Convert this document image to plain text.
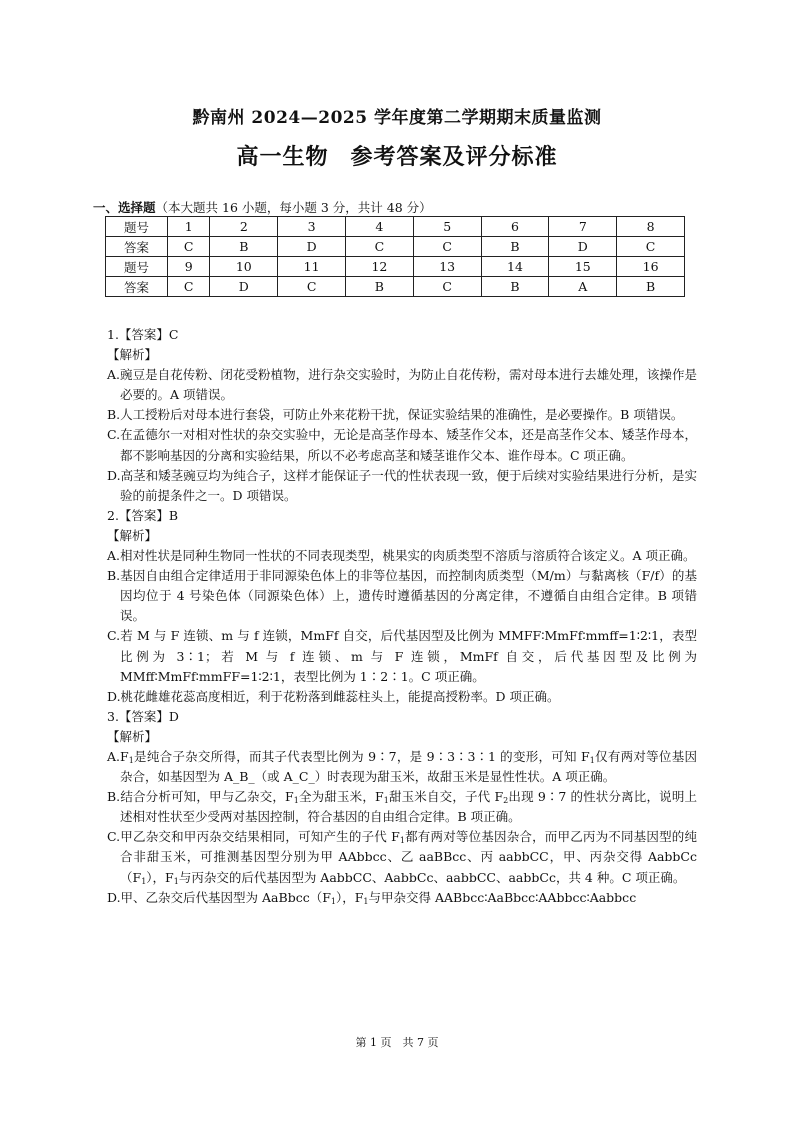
黔南州 2024—2025 学年度第二学期期末质量监测
高一生物 参考答案及评分标准
一、选择题（本大题共 16 小题，每小题 3 分，共计 48 分）
题号	1	2	3	4	5	6	7	8
答案	C	B	D	C	C	B	D	C
题号	9	10	11	12	13	14	15	16
答案	C	D	C	B	C	B	A	B

1.【答案】C

【解析】

A.豌豆是自花传粉、闭花受粉植物，进行杂交实验时，为防止自花传粉，需对母本进行去雄处理，该操作是必要的。A 项错误。

B.人工授粉后对母本进行套袋，可防止外来花粉干扰，保证实验结果的准确性，是必要操作。B 项错误。

C.在孟德尔一对相对性状的杂交实验中，无论是高茎作母本、矮茎作父本，还是高茎作父本、矮茎作母本，都不影响基因的分离和实验结果，所以不必考虑高茎和矮茎谁作父本、谁作母本。C 项正确。

D.高茎和矮茎豌豆均为纯合子，这样才能保证子一代的性状表现一致，便于后续对实验结果进行分析，是实验的前提条件之一。D 项错误。

2.【答案】B

【解析】

A.相对性状是同种生物同一性状的不同表现类型，桃果实的肉质类型不溶质与溶质符合该定义。A 项正确。

B.基因自由组合定律适用于非同源染色体上的非等位基因，而控制肉质类型（M/m）与黏离核（F/f）的基因均位于 4 号染色体（同源染色体）上，遗传时遵循基因的分离定律，不遵循自由组合定律。B 项错误。

C.若 M 与 F 连锁、m 与 f 连锁，MmFf 自交，后代基因型及比例为 MMFF∶MmFf∶mmff=1∶2∶1，表型比例为 3∶1；若 M 与 f 连锁、m 与 F 连锁，MmFf 自交，后代基因型及比例为 MMff∶MmFf∶mmFF=1∶2∶1，表型比例为 1∶2∶1。C 项正确。

D.桃花雌雄花蕊高度相近，利于花粉落到雌蕊柱头上，能提高授粉率。D 项正确。

3.【答案】D

【解析】

$A.F_1$是纯合子杂交所得，而其子代表型比例为 9∶7，是 9∶3∶3∶1 的变形，可知 $F_1$仅有两对等位基因杂合，如基因型为 A_B_（或 A_C_）时表现为甜玉米，故甜玉米是显性性状。A 项正确。

B.结合分析可知，甲与乙杂交，$F_1$全为甜玉米，$F_1$甜玉米自交，子代 $F_2$出现 9∶7 的性状分离比，说明上述相对性状至少受两对基因控制，符合基因的自由组合定律。B 项正确。

C.甲乙杂交和甲丙杂交结果相同，可知产生的子代 $F_1$都有两对等位基因杂合，而甲乙丙为不同基因型的纯合非甜玉米，可推测基因型分别为甲 AAbbcc、乙 aaBBcc、丙 aabbCC，甲、丙杂交得 $AabbCc(F_1)$，$F_1$与丙杂交的后代基因型为 AabbCC、AabbCc、aabbCC、aabbCc，共 4 种。C 项正确。

D.甲、乙杂交后代基因型为 $AaBbcc(F_1)$，$F_1$与甲杂交得 AABbcc∶AaBbcc∶AAbbcc∶Aabbcc

第 1 页　共 7 页
